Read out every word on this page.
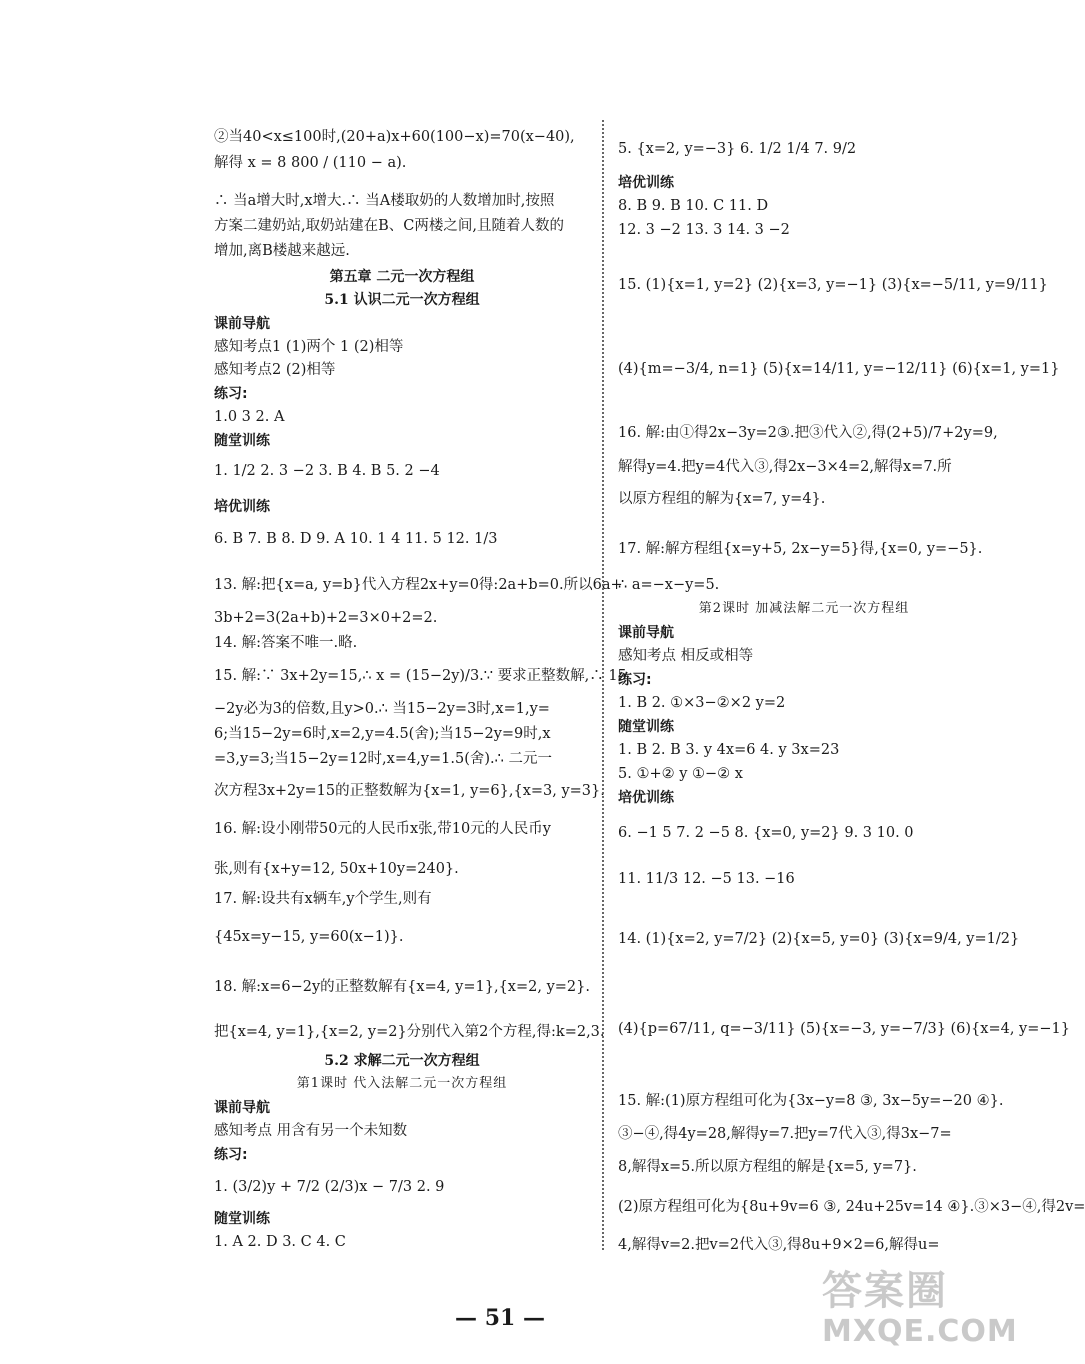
②当40<x≤100时,(20+a)x+60(100−x)=70(x−40),
解得 x = 8 800 / (110 − a).
∴ 当a增大时,x增大.∴ 当A楼取奶的人数增加时,按照
方案二建奶站,取奶站建在B、C两楼之间,且随着人数的
增加,离B楼越来越远.
第五章 二元一次方程组
5.1 认识二元一次方程组
课前导航
感知考点1 (1)两个 1 (2)相等
感知考点2 (2)相等
练习:
1.0 3 2. A
随堂训练
1. 1/2 2. 3 −2 3. B 4. B 5. 2 −4
培优训练
6. B 7. B 8. D 9. A 10. 1 4 11. 5 12. 1/3
13. 解:把{x=a, y=b}代入方程2x+y=0得:2a+b=0.所以6a+
3b+2=3(2a+b)+2=3×0+2=2.
14. 解:答案不唯一.略.
15. 解:∵ 3x+2y=15,∴ x = (15−2y)/3.∵ 要求正整数解,∴ 15
−2y必为3的倍数,且y>0.∴ 当15−2y=3时,x=1,y=
6;当15−2y=6时,x=2,y=4.5(舍);当15−2y=9时,x
=3,y=3;当15−2y=12时,x=4,y=1.5(舍).∴ 二元一
次方程3x+2y=15的正整数解为{x=1, y=6},{x=3, y=3}.
16. 解:设小刚带50元的人民币x张,带10元的人民币y
张,则有{x+y=12, 50x+10y=240}.
17. 解:设共有x辆车,y个学生,则有
{45x=y−15, y=60(x−1)}.
18. 解:x=6−2y的正整数解有{x=4, y=1},{x=2, y=2}.
把{x=4, y=1},{x=2, y=2}分别代入第2个方程,得:k=2,3.
5.2 求解二元一次方程组
第1课时 代入法解二元一次方程组
课前导航
感知考点 用含有另一个未知数
练习:
1. (3/2)y + 7/2 (2/3)x − 7/3 2. 9
随堂训练
1. A 2. D 3. C 4. C
5. {x=2, y=−3} 6. 1/2 1/4 7. 9/2
培优训练
8. B 9. B 10. C 11. D
12. 3 −2 13. 3 14. 3 −2
15. (1){x=1, y=2} (2){x=3, y=−1} (3){x=−5/11, y=9/11}
(4){m=−3/4, n=1} (5){x=14/11, y=−12/11} (6){x=1, y=1}
16. 解:由①得2x−3y=2③.把③代入②,得(2+5)/7+2y=9,
解得y=4.把y=4代入③,得2x−3×4=2,解得x=7.所
以原方程组的解为{x=7, y=4}.
17. 解:解方程组{x=y+5, 2x−y=5}得,{x=0, y=−5}.
∴ a=−x−y=5.
第2课时 加减法解二元一次方程组
课前导航
感知考点 相反或相等
练习:
1. B 2. ①×3−②×2 y=2
随堂训练
1. B 2. B 3. y 4x=6 4. y 3x=23
5. ①+② y ①−② x
培优训练
6. −1 5 7. 2 −5 8. {x=0, y=2} 9. 3 10. 0
11. 11/3 12. −5 13. −16
14. (1){x=2, y=7/2} (2){x=5, y=0} (3){x=9/4, y=1/2}
(4){p=67/11, q=−3/11} (5){x=−3, y=−7/3} (6){x=4, y=−1}
15. 解:(1)原方程组可化为{3x−y=8 ③, 3x−5y=−20 ④}.
③−④,得4y=28,解得y=7.把y=7代入③,得3x−7=
8,解得x=5.所以原方程组的解是{x=5, y=7}.
(2)原方程组可化为{8u+9v=6 ③, 24u+25v=14 ④}.③×3−④,得2v=
4,解得v=2.把v=2代入③,得8u+9×2=6,解得u=
— 51 —
答案圈
MXQE.COM
